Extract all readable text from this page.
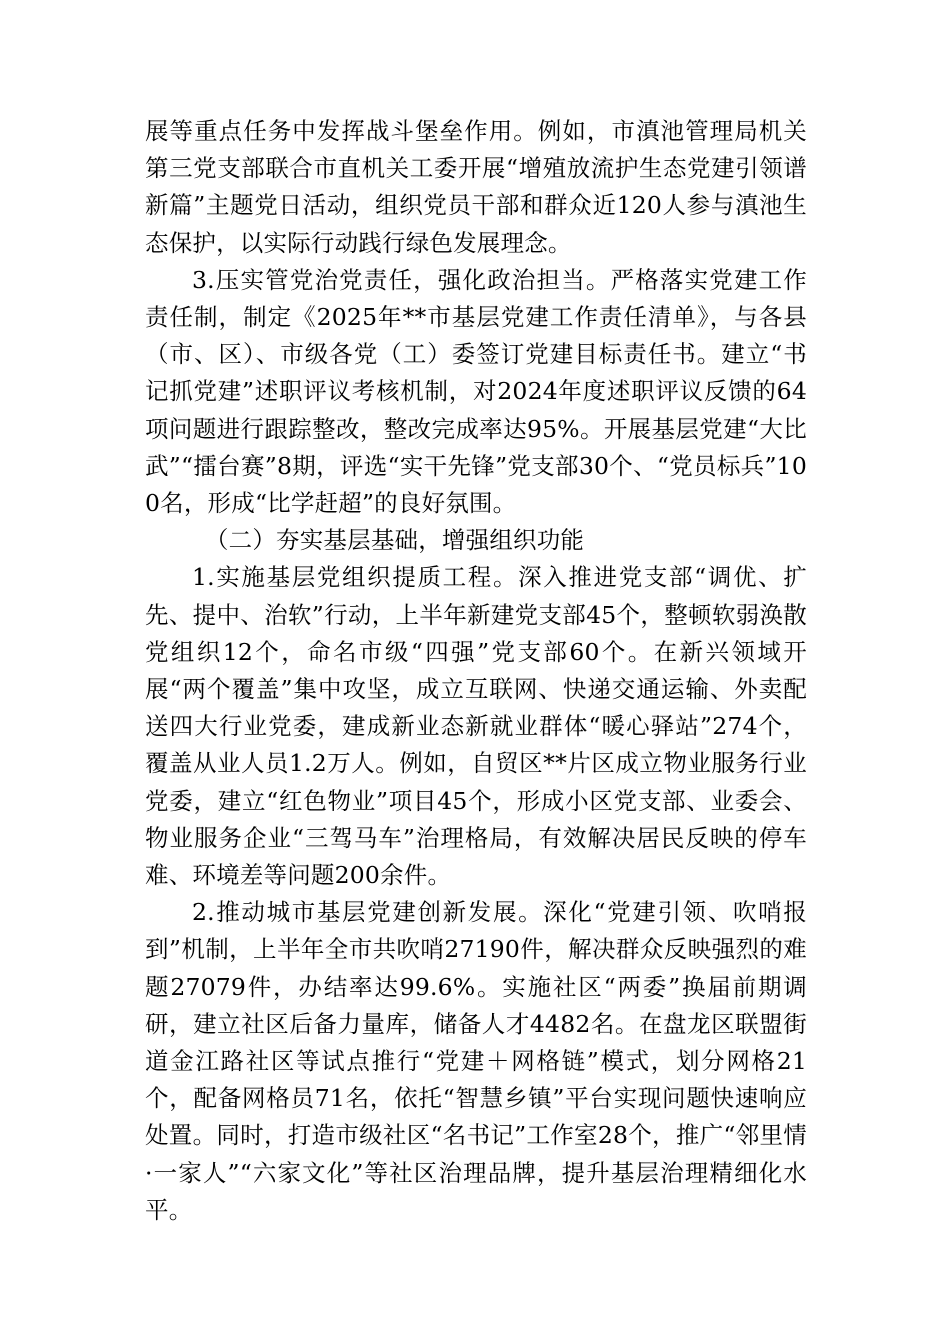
展等重点任务中发挥战斗堡垒作用。例如，市滇池管理局机关第三党支部联合市直机关工委开展“增殖放流护生态党建引领谱新篇”主题党日活动，组织党员干部和群众近120人参与滇池生态保护，以实际行动践行绿色发展理念。

3.压实管党治党责任，强化政治担当。严格落实党建工作责任制，制定《2025年**市基层党建工作责任清单》，与各县（市、区）、市级各党（工）委签订党建目标责任书。建立“书记抓党建”述职评议考核机制，对2024年度述职评议反馈的64项问题进行跟踪整改，整改完成率达95%。开展基层党建“大比武”“擂台赛”8期，评选“实干先锋”党支部30个、“党员标兵”100名，形成“比学赶超”的良好氛围。

（二）夯实基层基础，增强组织功能

1.实施基层党组织提质工程。深入推进党支部“调优、扩先、提中、治软”行动，上半年新建党支部45个，整顿软弱涣散党组织12个，命名市级“四强”党支部60个。在新兴领域开展“两个覆盖”集中攻坚，成立互联网、快递交通运输、外卖配送四大行业党委，建成新业态新就业群体“暖心驿站”274个，覆盖从业人员1.2万人。例如，自贸区**片区成立物业服务行业党委，建立“红色物业”项目45个，形成小区党支部、业委会、物业服务企业“三驾马车”治理格局，有效解决居民反映的停车难、环境差等问题200余件。

2.推动城市基层党建创新发展。深化“党建引领、吹哨报到”机制，上半年全市共吹哨27190件，解决群众反映强烈的难题27079件，办结率达99.6%。实施社区“两委”换届前期调研，建立社区后备力量库，储备人才4482名。在盘龙区联盟街道金江路社区等试点推行“党建＋网格链”模式，划分网格21个，配备网格员71名，依托“智慧乡镇”平台实现问题快速响应处置。同时，打造市级社区“名书记”工作室28个，推广“邻里情·一家人”“六家文化”等社区治理品牌，提升基层治理精细化水平。
